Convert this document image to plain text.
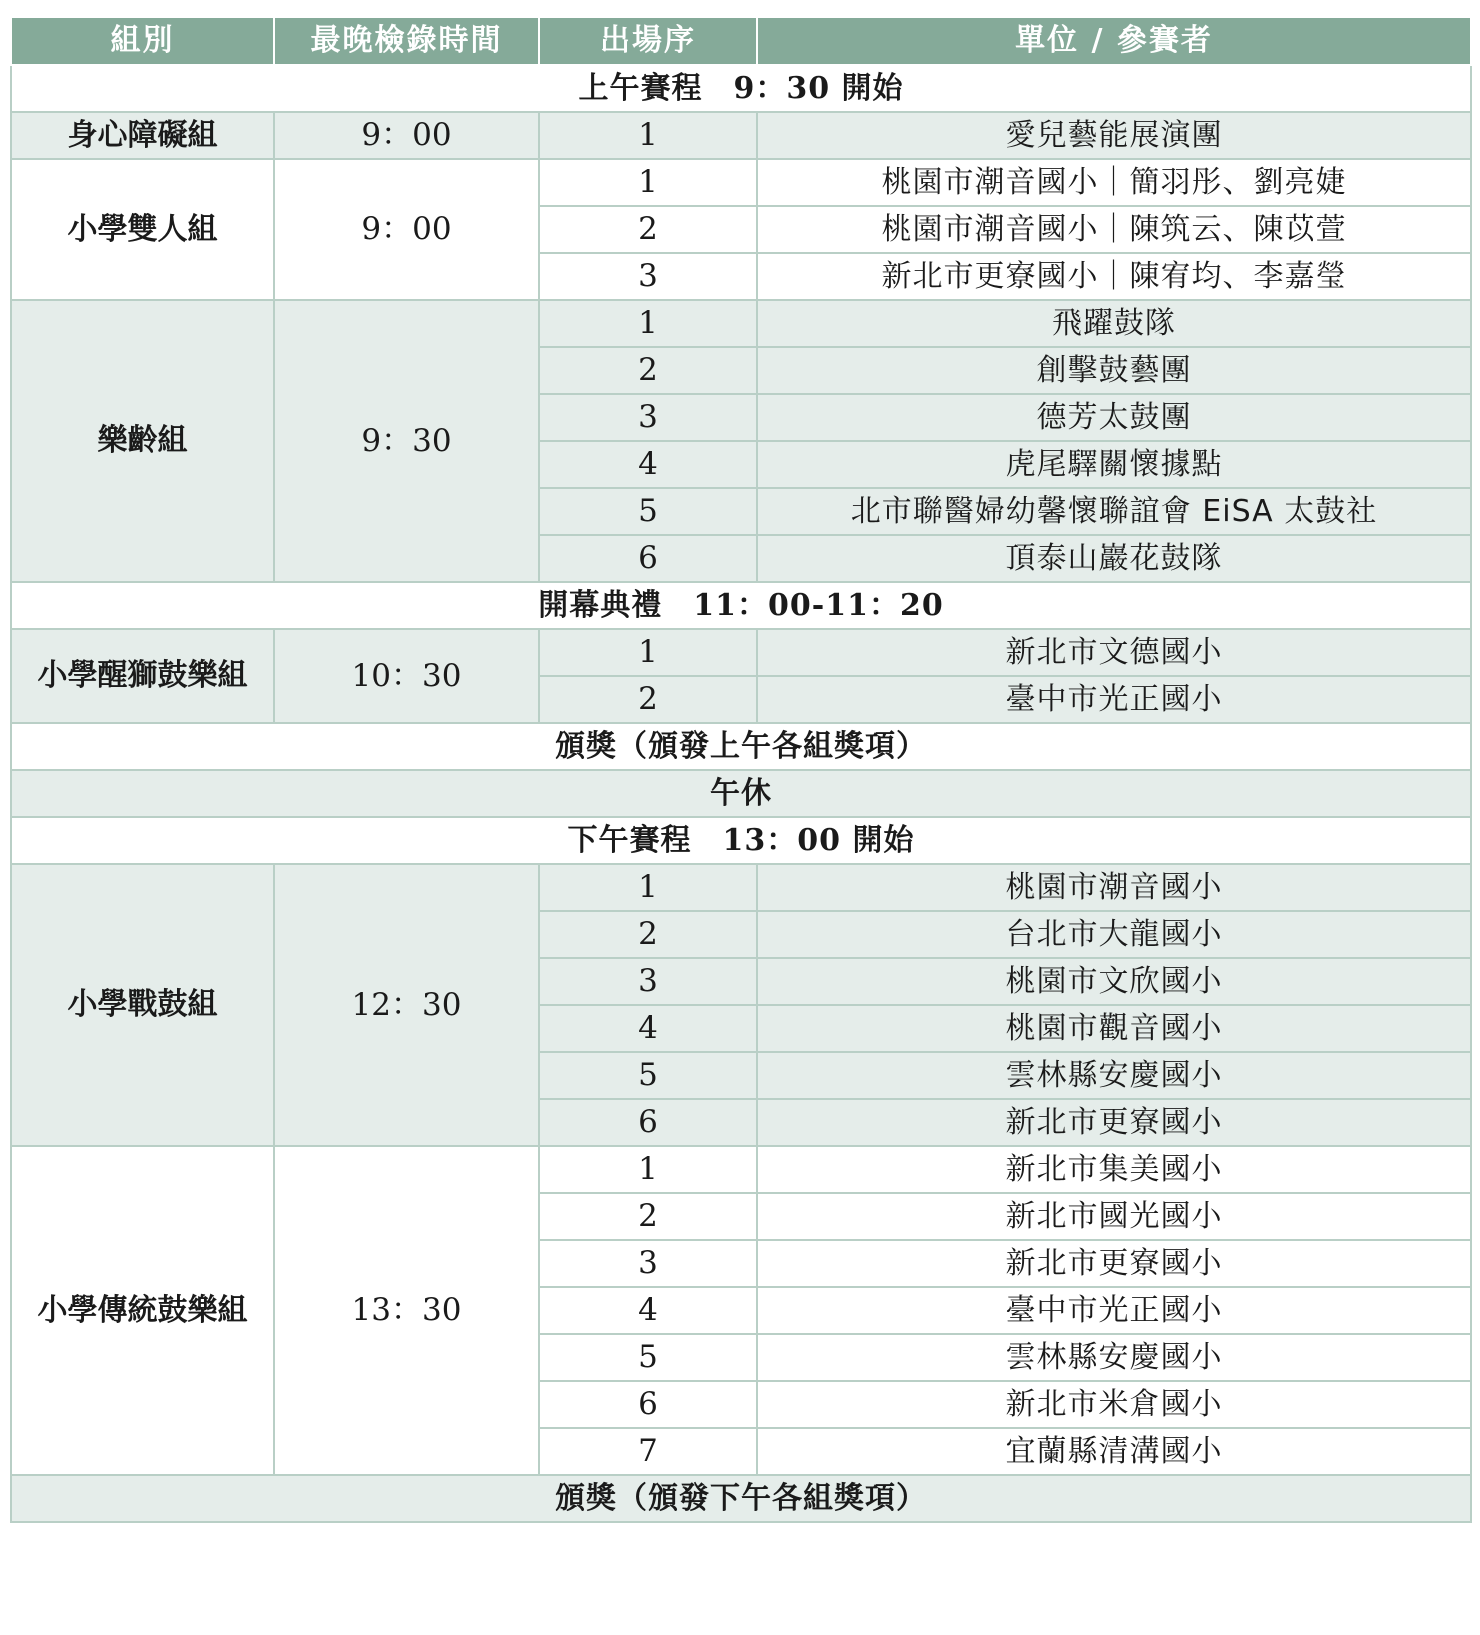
組別	最晚檢錄時間	出場序	單位 / 參賽者
上午賽程　9：30 開始			
身心障礙組	9：00	1	愛兒藝能展演團
小學雙人組	9：00	1	桃園市潮音國小｜簡羽彤、劉亮婕
		2	桃園市潮音國小｜陳筑云、陳苡萱
		3	新北市更寮國小｜陳宥均、李嘉瑩
樂齡組	9：30	1	飛躍鼓隊
		2	創擊鼓藝團
		3	德芳太鼓團
		4	虎尾驛關懷據點
		5	北市聯醫婦幼馨懷聯誼會 EiSA 太鼓社
		6	頂泰山巖花鼓隊
開幕典禮　11：00-11：20			
小學醒獅鼓樂組	10：30	1	新北市文德國小
		2	臺中市光正國小
頒獎（頒發上午各組獎項）			
午休			
下午賽程　13：00 開始			
小學戰鼓組	12：30	1	桃園市潮音國小
		2	台北市大龍國小
		3	桃園市文欣國小
		4	桃園市觀音國小
		5	雲林縣安慶國小
		6	新北市更寮國小
小學傳統鼓樂組	13：30	1	新北市集美國小
		2	新北市國光國小
		3	新北市更寮國小
		4	臺中市光正國小
		5	雲林縣安慶國小
		6	新北市米倉國小
		7	宜蘭縣清溝國小
頒獎（頒發下午各組獎項）			
